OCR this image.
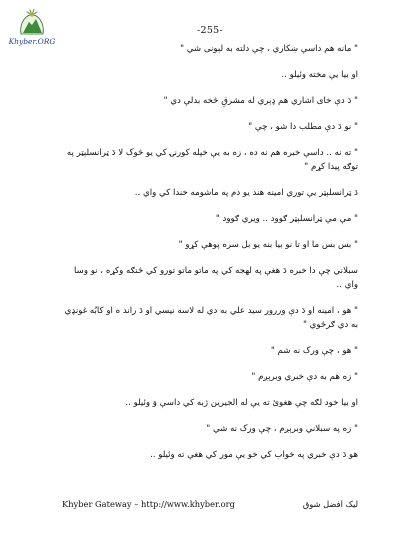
Khyber.ORG
-255-

" مانه هم داسې ښکاري ، چې دلته به لېونی شي "

او بيا يې مخته وئيلو ..

" دَ دې خای اشاري هم ډېري له مشرقِ څخه بدلې دي "

" نو دَ دې مطلب دا شو ، چې "

" ته نه .. داسې خبره هم نه ده ، زه به يې خپله کورنۍ کي يو څوک لا دَ ټرانسلېټر په توګه پيدا کړم "

دَ ټرانسلېټر يې توري امينه هند يو دم په ماشومه خندا کي واي ..

" مې مې ټرانسلېټر ګوود .. ويري ګوود "

" بس بس ما او تا نو بيا بنه يو بل سره پوهې کړو "

سبلاني چې دا خبره دَ هغې په لهجه کي په ماتو ماتو تورو کي څنګه وکړه ، نو وسا واي ..

" هو ، امينه او دَ دې وررور سيد علي به دي له لاسه نيسي او دَ راند ه او کابُه غونډي به دي ګرځوي "

" هو ، چې ورک نه شم "

" زه هم به دې خبري وبرېږم "

او بيا خود لګه چې هغوئ ته يې له الجيرين ژبه کي داسې وَ وئيلو ..

" زه په سبلاني وبرېږم ، چې ورک نه شي "

هو دَ دې خبري په خواب کي خو يې مور کي هغې ته وئيلو ..

Khyber Gateway – http://www.khyber.org	ليک افضل شوق
